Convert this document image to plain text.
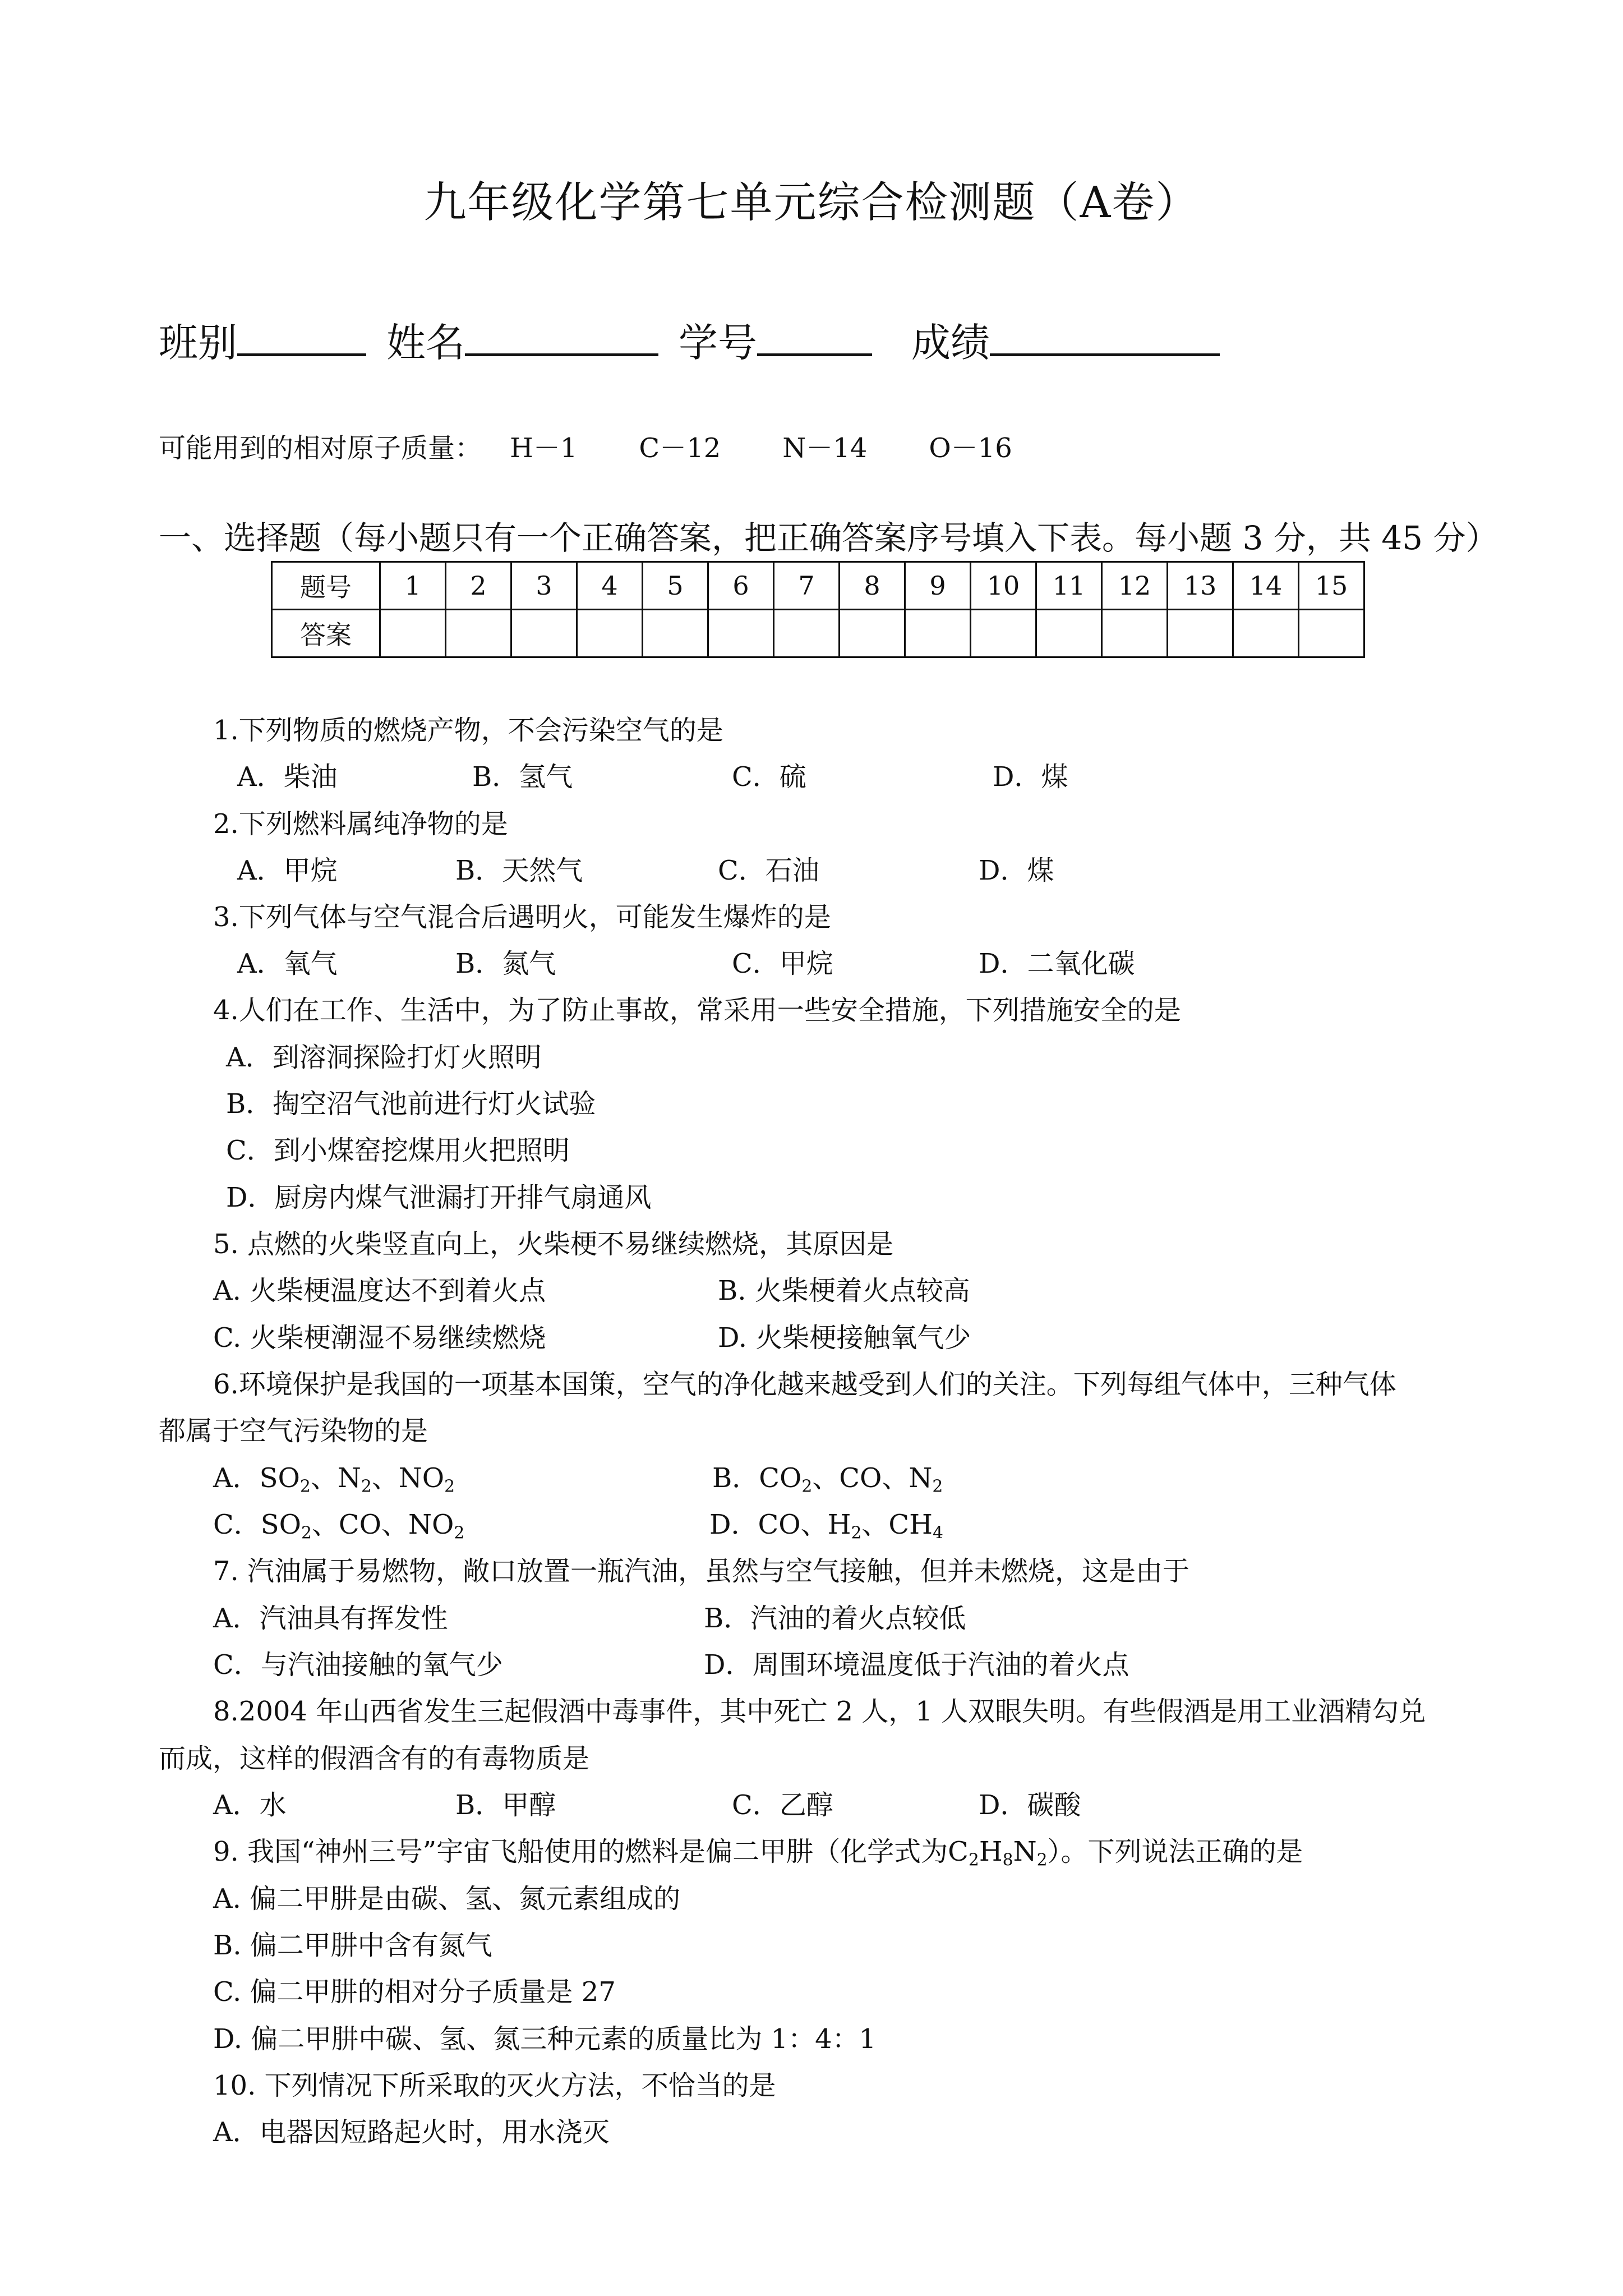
九年级化学第七单元综合检测题（A卷）
班别	姓名	学号	成绩
可能用到的相对原子质量： H－1 C－12 N－14 O－16
一、选择题（每小题只有一个正确答案，把正确答案序号填入下表。每小题 3 分，共 45 分）
题号	1	2	3	4	5	6	7	8	9	10	11	12	13	14	15
答案															
1.下列物质的燃烧产物，不会污染空气的是
A．柴油	B．氢气	C．硫	D．煤
2.下列燃料属纯净物的是
A．甲烷	B．天然气	C．石油	D．煤
3.下列气体与空气混合后遇明火，可能发生爆炸的是
A．氧气	B．氮气	C．甲烷	D．二氧化碳
4.人们在工作、生活中，为了防止事故，常采用一些安全措施，下列措施安全的是
A．到溶洞探险打灯火照明
B．掏空沼气池前进行灯火试验
C．到小煤窑挖煤用火把照明
D．厨房内煤气泄漏打开排气扇通风
5. 点燃的火柴竖直向上，火柴梗不易继续燃烧，其原因是
A. 火柴梗温度达不到着火点	B. 火柴梗着火点较高
C. 火柴梗潮湿不易继续燃烧	D. 火柴梗接触氧气少
6.环境保护是我国的一项基本国策，空气的净化越来越受到人们的关注。下列每组气体中，三种气体
都属于空气污染物的是
A．$SO_2$、$N_2$、$NO_2$	B．$CO_2$、CO、$N_2$
C．$SO_2$、CO、$NO_2$	D．CO、$H_2$、$CH_4$
7. 汽油属于易燃物，敞口放置一瓶汽油，虽然与空气接触，但并未燃烧，这是由于
A．汽油具有挥发性	B．汽油的着火点较低
C．与汽油接触的氧气少	D．周围环境温度低于汽油的着火点
8.2004 年山西省发生三起假酒中毒事件，其中死亡 2 人，1 人双眼失明。有些假酒是用工业酒精勾兑
而成，这样的假酒含有的有毒物质是
A．水	B．甲醇	C．乙醇	D．碳酸
9. 我国“神州三号”宇宙飞船使用的燃料是偏二甲肼（化学式为$C_2H_8N_2$）。下列说法正确的是
A. 偏二甲肼是由碳、氢、氮元素组成的
B. 偏二甲肼中含有氮气
C. 偏二甲肼的相对分子质量是 27
D. 偏二甲肼中碳、氢、氮三种元素的质量比为 1：4：1
10. 下列情况下所采取的灭火方法，不恰当的是
A．电器因短路起火时，用水浇灭
